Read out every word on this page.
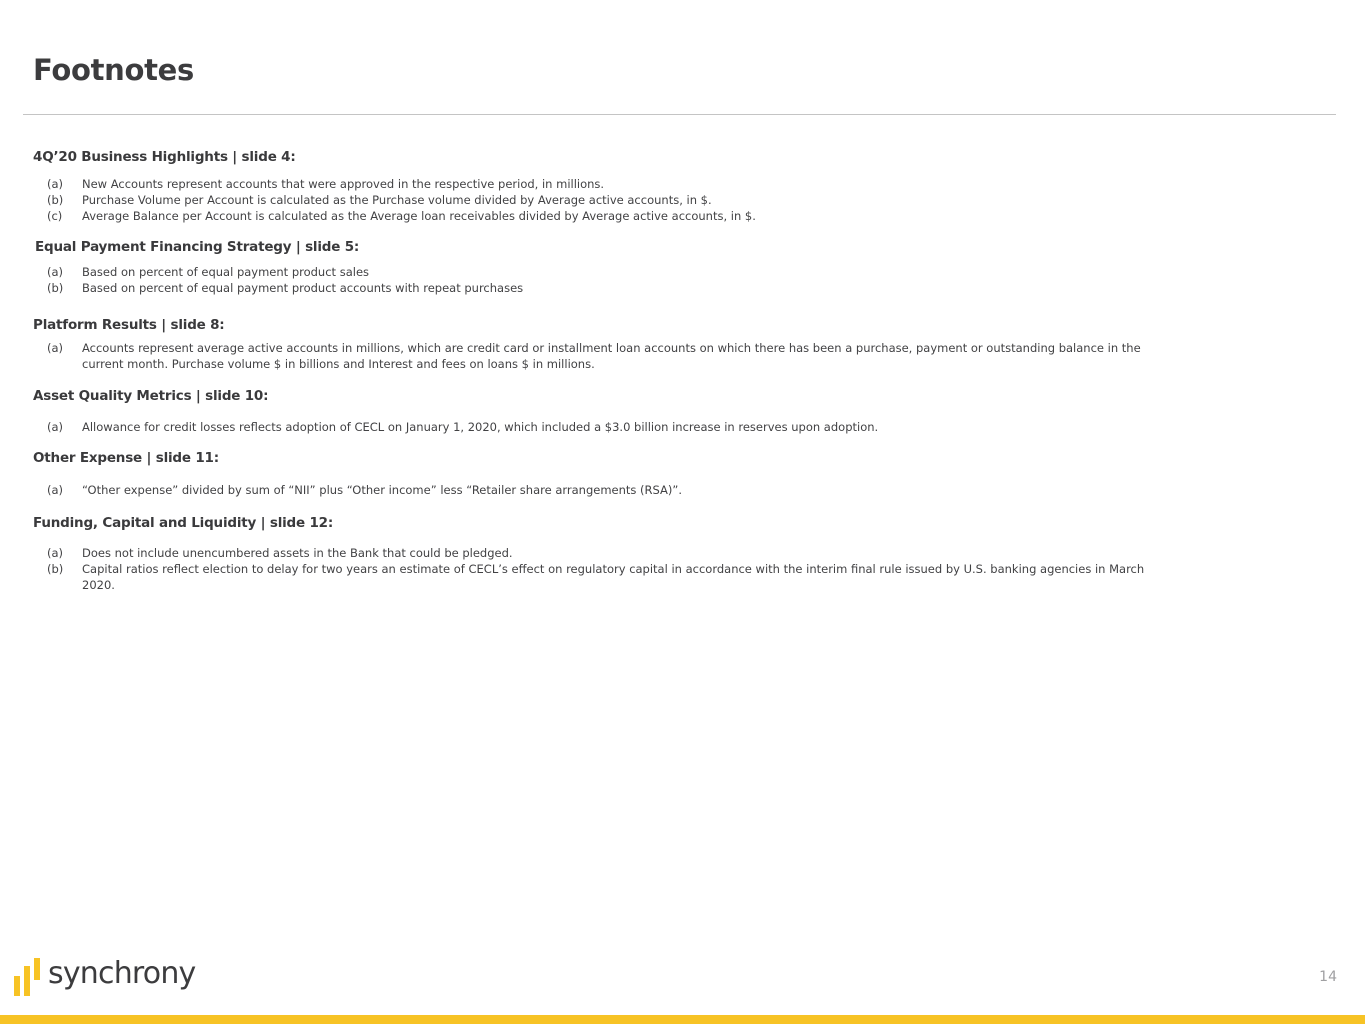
Footnotes
4Q’20 Business Highlights | slide 4:
(a)	New Accounts represent accounts that were approved in the respective period, in millions.
(b)	Purchase Volume per Account is calculated as the Purchase volume divided by Average active accounts, in $.
(c)	Average Balance per Account is calculated as the Average loan receivables divided by Average active accounts, in $.
Equal Payment Financing Strategy | slide 5:
(a)	Based on percent of equal payment product sales
(b)	Based on percent of equal payment product accounts with repeat purchases
Platform Results | slide 8:
(a)	Accounts represent average active accounts in millions, which are credit card or installment loan accounts on which there has been a purchase, payment or outstanding balance in the current month. Purchase volume $ in billions and Interest and fees on loans $ in millions.
Asset Quality Metrics | slide 10:
(a)	Allowance for credit losses reflects adoption of CECL on January 1, 2020, which included a $3.0 billion increase in reserves upon adoption.
Other Expense | slide 11:
(a)	“Other expense” divided by sum of “NII” plus “Other income” less “Retailer share arrangements (RSA)”.
Funding, Capital and Liquidity | slide 12:
(a)	Does not include unencumbered assets in the Bank that could be pledged.
(b)	Capital ratios reflect election to delay for two years an estimate of CECL’s effect on regulatory capital in accordance with the interim final rule issued by U.S. banking agencies in March 2020.
synchrony	14
